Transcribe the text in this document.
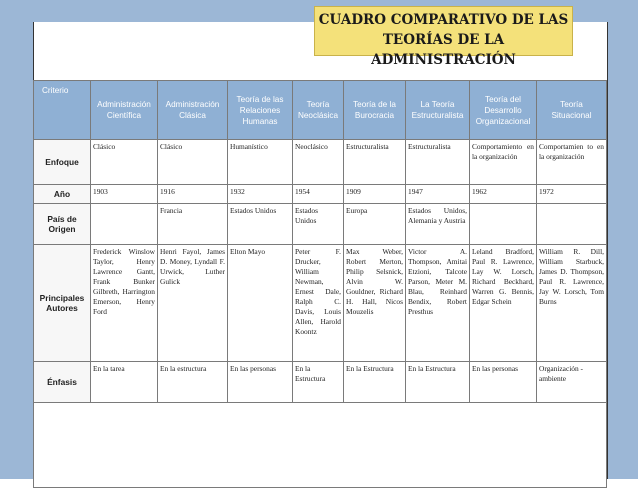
CUADRO COMPARATIVO DE LAS
TEORÍAS DE LA ADMINISTRACIÓN
Criterio	Administración Científica	Administración Clásica	Teoría de las Relaciones Humanas	Teoría Neoclásica	Teoría de la Burocracia	La Teoría Estructuralista	Teoría del Desarrollo Organizacional	Teoría Situacional
Enfoque	Clásico	Clásico	Humanístico	Neoclásico	Estructuralista	Estructuralista	Comportamiento en la organización	Comportamien to en la organización
Año	1903	1916	1932	1954	1909	1947	1962	1972
País de Origen		Francia	Estados Unidos	Estados Unidos	Europa	Estados Unidos, Alemania y Austria		
Principales Autores	Frederick Winslow Taylor, Henry Lawrence Gantt, Frank Bunker Gilbreth, Harrington Emerson, Henry Ford	Henri Fayol, James D. Money, Lyndall F. Urwick, Luther Gulick	Elton Mayo	Peter F. Drucker, William Newman, Ernest Dale, Ralph C. Davis, Louis Allen, Harold Koontz	Max Weber, Robert Merton, Philip Selsnick, Alvin W. Gouldner, Richard H. Hall, Nicos Mouzelis	Victor A. Thompson, Amitai Etzioni, Talcote Parson, Meter M. Blau, Reinhard Bendix, Robert Presthus	Leland Bradford, Paul R. Lawrence, Lay W. Lorsch, Richard Beckhard, Warren G. Bennis, Edgar Schein	William R. Dill, William Starbuck, James D. Thompson, Paul R. Lawrence, Jay W. Lorsch, Tom Burns
Énfasis	En la tarea	En la estructura	En las personas	En la Estructura	En la Estructura	En la Estructura	En las personas	Organización - ambiente
